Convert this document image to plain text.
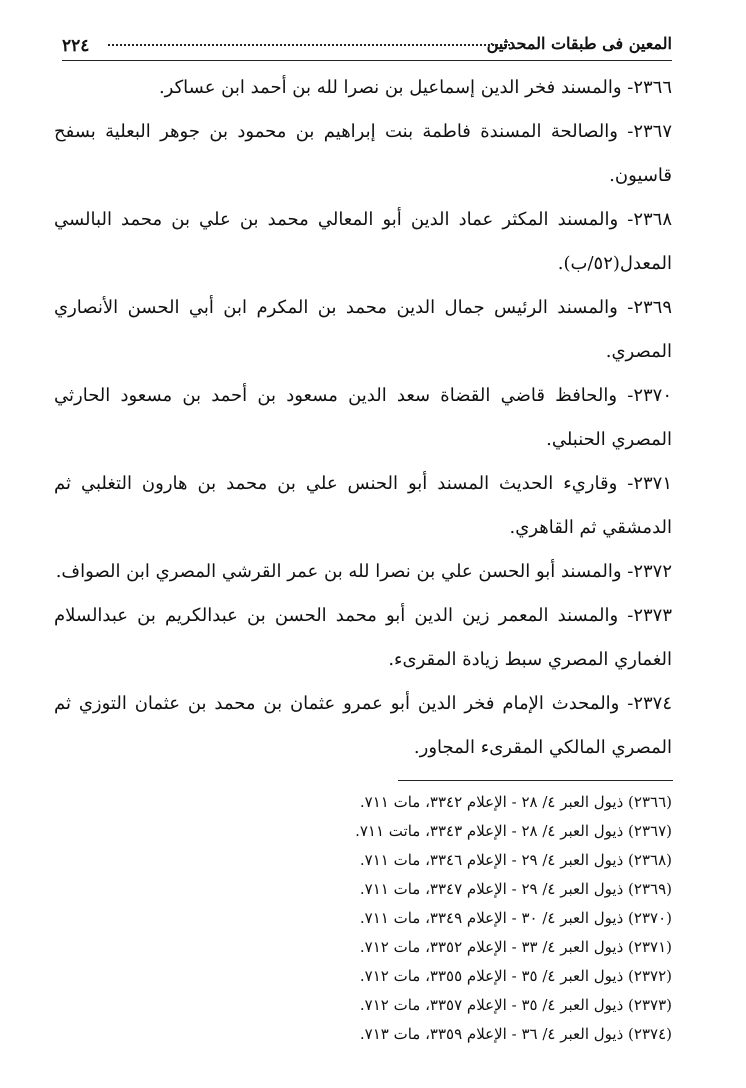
المعين فى طبقات المحدثين
٢٢٤

٢٣٦٦- والمسند فخر الدين إسماعيل بن نصرا لله بن أحمد ابن عساكر.

٢٣٦٧- والصالحة المسندة فاطمة بنت إبراهيم بن محمود بن جوهر البعلية بسفح قاسيون.

٢٣٦٨- والمسند المكثر عماد الدين أبو المعالي محمد بن علي بن محمد البالسي المعدل(٥٢/ب).

٢٣٦٩- والمسند الرئيس جمال الدين محمد بن المكرم ابن أبي الحسن الأنصاري المصري.

٢٣٧٠- والحافظ قاضي القضاة سعد الدين مسعود بن أحمد بن مسعود الحارثي المصري الحنبلي.

٢٣٧١- وقاريء الحديث المسند أبو الحنس علي بن محمد بن هارون التغلبي ثم الدمشقي ثم القاهري.

٢٣٧٢- والمسند أبو الحسن علي بن نصرا لله بن عمر القرشي المصري ابن الصواف.

٢٣٧٣- والمسند المعمر زين الدين أبو محمد الحسن بن عبدالكريم بن عبدالسلام الغماري المصري سبط زيادة المقرىء.

٢٣٧٤- والمحدث الإمام فخر الدين أبو عمرو عثمان بن محمد بن عثمان التوزي ثم المصري المالكي المقرىء المجاور.

(٢٣٦٦) ذيول العبر ٤/ ٢٨ - الإعلام ٣٣٤٢، مات ٧١١.
(٢٣٦٧) ذيول العبر ٤/ ٢٨ - الإعلام ٣٣٤٣، ماتت ٧١١.
(٢٣٦٨) ذيول العبر ٤/ ٢٩ - الإعلام ٣٣٤٦، مات ٧١١.
(٢٣٦٩) ذيول العبر ٤/ ٢٩ - الإعلام ٣٣٤٧، مات ٧١١.
(٢٣٧٠) ذيول العبر ٤/ ٣٠ - الإعلام ٣٣٤٩، مات ٧١١.
(٢٣٧١) ذيول العبر ٤/ ٣٣ - الإعلام ٣٣٥٢، مات ٧١٢.
(٢٣٧٢) ذيول العبر ٤/ ٣٥ - الإعلام ٣٣٥٥، مات ٧١٢.
(٢٣٧٣) ذيول العبر ٤/ ٣٥ - الإعلام ٣٣٥٧، مات ٧١٢.
(٢٣٧٤) ذيول العبر ٤/ ٣٦ - الإعلام ٣٣٥٩، مات ٧١٣.
